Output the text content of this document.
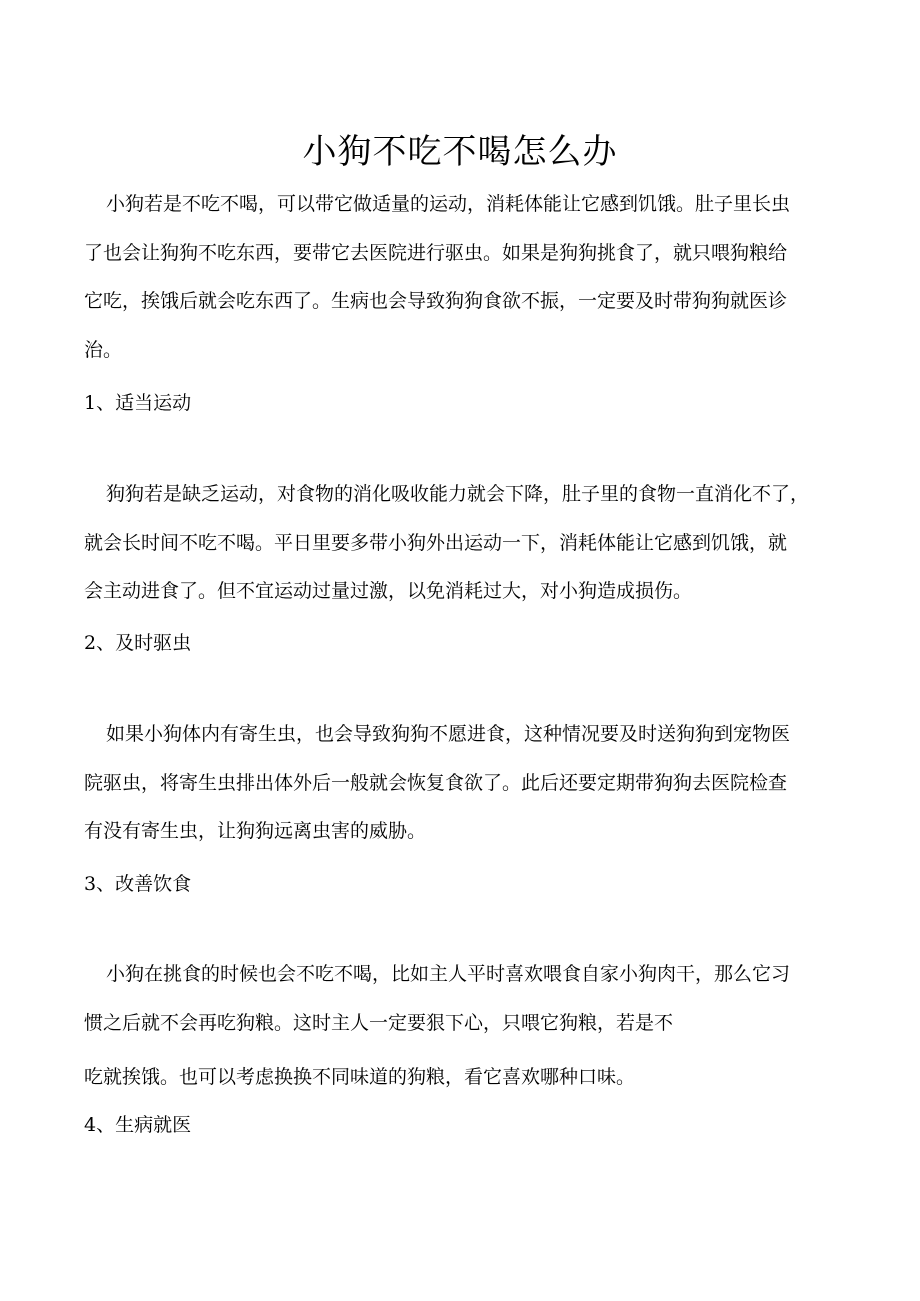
小狗不吃不喝怎么办
小狗若是不吃不喝，可以带它做适量的运动，消耗体能让它感到饥饿。肚子里长虫
了也会让狗狗不吃东西，要带它去医院进行驱虫。如果是狗狗挑食了，就只喂狗粮给
它吃，挨饿后就会吃东西了。生病也会导致狗狗食欲不振，一定要及时带狗狗就医诊
治。
1、适当运动
狗狗若是缺乏运动，对食物的消化吸收能力就会下降，肚子里的食物一直消化不了，
就会长时间不吃不喝。平日里要多带小狗外出运动一下，消耗体能让它感到饥饿，就
会主动进食了。但不宜运动过量过激，以免消耗过大，对小狗造成损伤。
2、及时驱虫
如果小狗体内有寄生虫，也会导致狗狗不愿进食，这种情况要及时送狗狗到宠物医
院驱虫，将寄生虫排出体外后一般就会恢复食欲了。此后还要定期带狗狗去医院检查
有没有寄生虫，让狗狗远离虫害的威胁。
3、改善饮食
小狗在挑食的时候也会不吃不喝，比如主人平时喜欢喂食自家小狗肉干，那么它习
惯之后就不会再吃狗粮。这时主人一定要狠下心，只喂它狗粮，若是不
吃就挨饿。也可以考虑换换不同味道的狗粮，看它喜欢哪种口味。
4、生病就医
